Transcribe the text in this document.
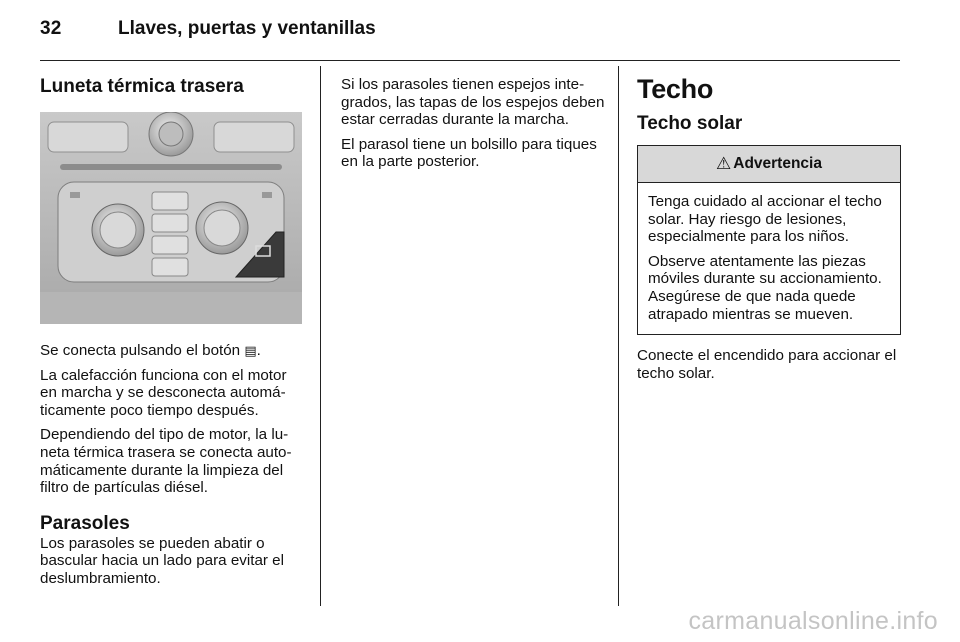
32	Llaves, puertas y ventanillas
Luneta térmica trasera

Se conecta pulsando el botón ▤.

La calefacción funciona con el motor en marcha y se desconecta automáticamente poco tiempo después.

Dependiendo del tipo de motor, la luneta térmica trasera se conecta automáticamente durante la limpieza del filtro de partículas diésel.

Parasoles

Los parasoles se pueden abatir o bascular hacia un lado para evitar el deslumbramiento.

Si los parasoles tienen espejos integrados, las tapas de los espejos deben estar cerradas durante la marcha.

El parasol tiene un bolsillo para tiques en la parte posterior.

Techo
Techo solar
⚠ Advertencia

Tenga cuidado al accionar el techo solar. Hay riesgo de lesiones, especialmente para los niños.

Observe atentamente las piezas móviles durante su accionamiento. Asegúrese de que nada quede atrapado mientras se mueven.

Conecte el encendido para accionar el techo solar.

carmanualsonline.info
